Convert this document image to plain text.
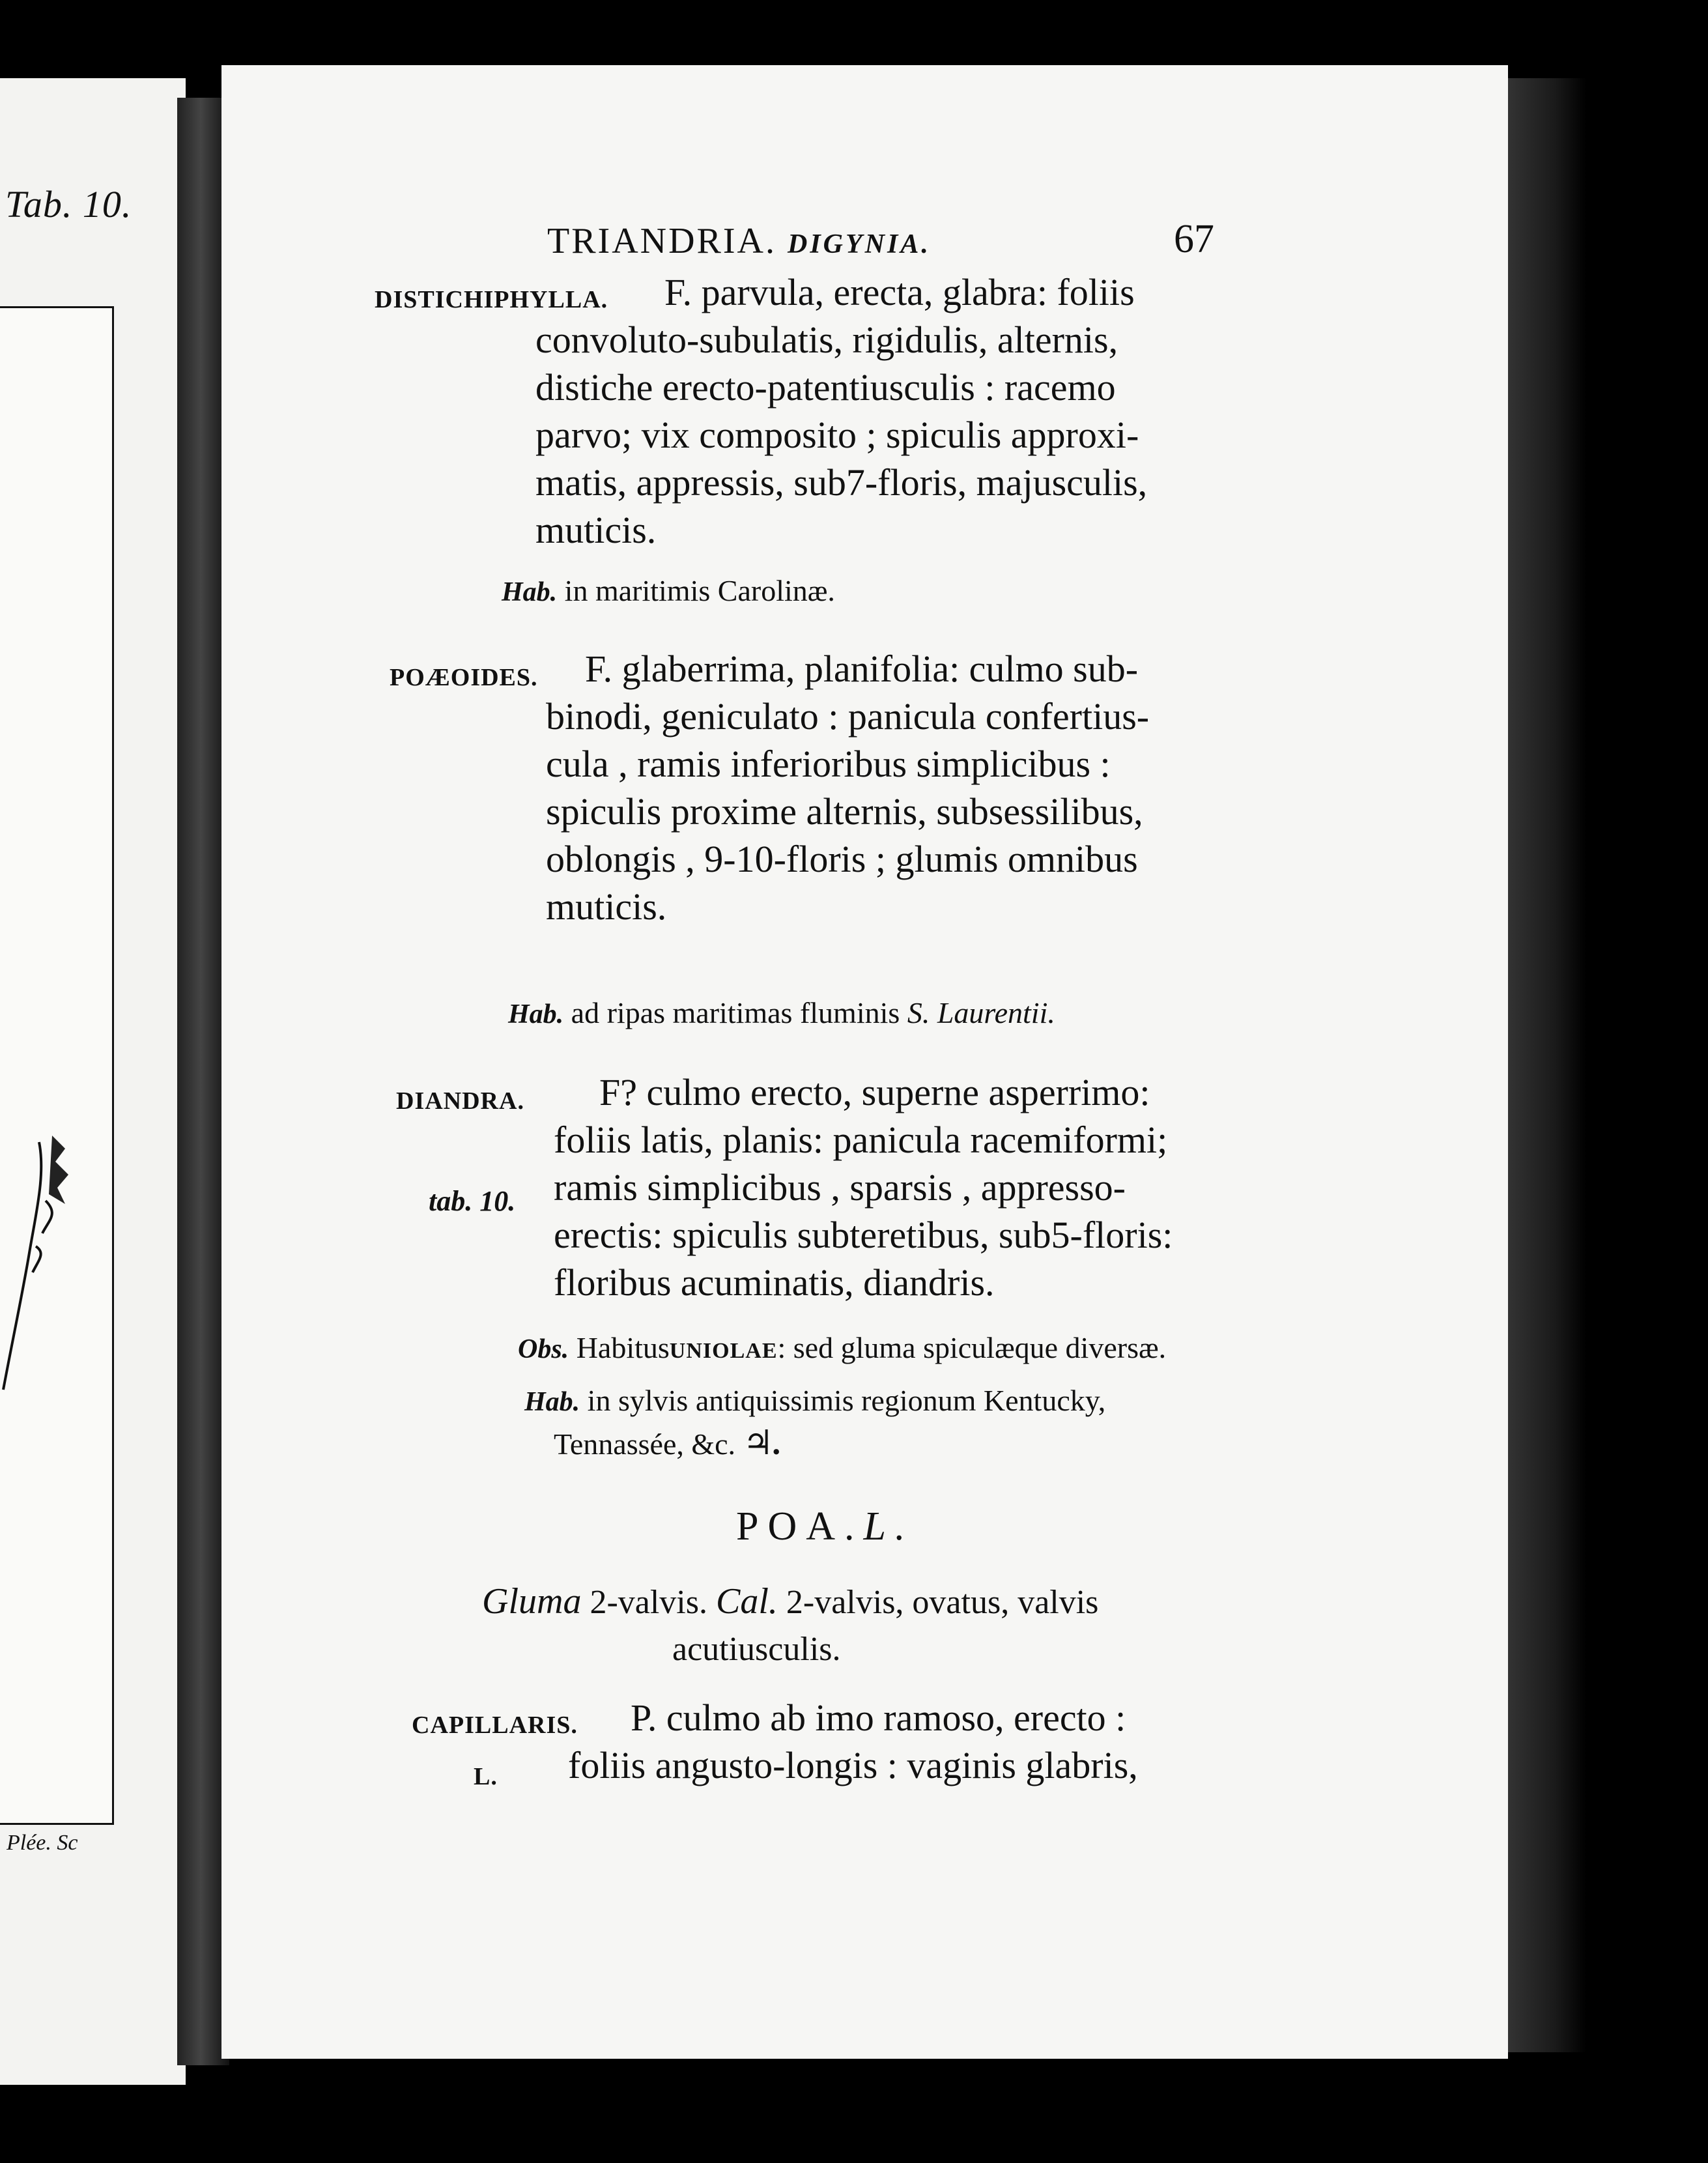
Tab. 10.
Plée. Sc
TRIANDRIA. DIGYNIA.	67
DISTICHIPHYLLA. F. parvula, erecta, glabra: foliis
convoluto-subulatis, rigidulis, alternis,
distiche erecto-patentiusculis : racemo
parvo; vix composito ; spiculis approxi-
matis, appressis, sub7-floris, majusculis,
muticis.
Hab. in maritimis Carolinæ.
POÆOIDES. F. glaberrima, planifolia: culmo sub-
binodi, geniculato : panicula confertius-
cula , ramis inferioribus simplicibus :
spiculis proxime alternis, subsessilibus,
oblongis , 9-10-floris ; glumis omnibus
muticis.
Hab. ad ripas maritimas fluminis S. Laurentii.
DIANDRA. F? culmo erecto, superne asperrimo:
tab. 10.
foliis latis, planis: panicula racemiformi;
ramis simplicibus , sparsis , appresso-
erectis: spiculis subteretibus, sub5-floris:
floribus acuminatis, diandris.
Obs. HabitusUNIOLAE: sed gluma spiculæque diversæ.
Hab. in sylvis antiquissimis regionum Kentucky,
Tennassée, &c. ♃.
POA.L.
Gluma 2-valvis. Cal. 2-valvis, ovatus, valvis
acutiusculis.
CAPILLARIS. P. culmo ab imo ramoso, erecto :
L. foliis angusto-longis : vaginis glabris,
